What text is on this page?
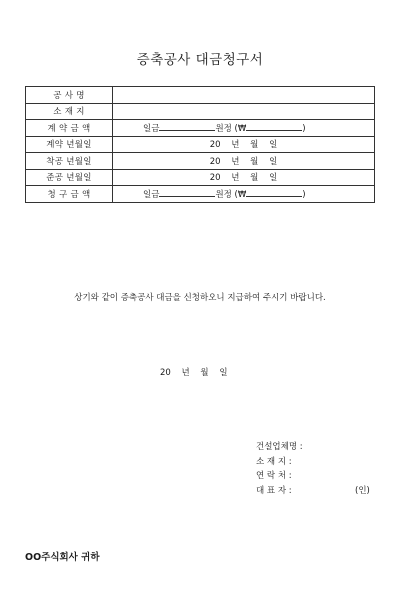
증축공사 대금청구서
공 사 명	
소 재 지	
계 약 금 액	일금 원정 (₩ )
계약 년월일	20 년 월 일
착공 년월일	20 년 월 일
준공 년월일	20 년 월 일
청 구 금 액	일금 원정 (₩ )
상기와 같이 증축공사 대금을 신청하오니 지급하여 주시기 바랍니다.
20 년 월 일
건설업체명 :
소 재 지 :
연 락 처 :
대 표 자 :	(인)
OO주식회사 귀하
